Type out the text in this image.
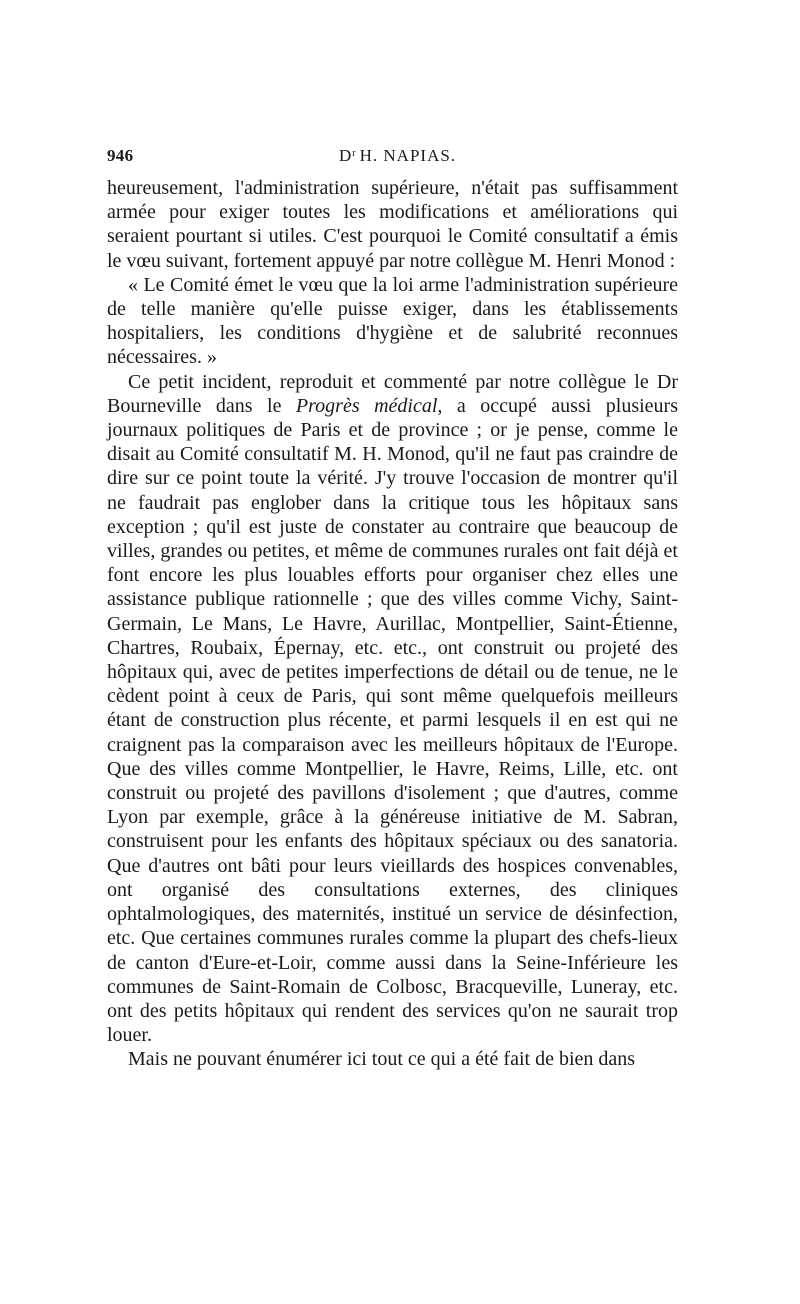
946	$D^r$ H. NAPIAS.

heureusement, l'administration supérieure, n'était pas suffisamment armée pour exiger toutes les modifications et améliorations qui seraient pourtant si utiles. C'est pourquoi le Comité consultatif a émis le vœu suivant, fortement appuyé par notre collègue M. Henri Monod :

« Le Comité émet le vœu que la loi arme l'administration supérieure de telle manière qu'elle puisse exiger, dans les établissements hospitaliers, les conditions d'hygiène et de salubrité reconnues nécessaires. »

Ce petit incident, reproduit et commenté par notre collègue le Dr Bourneville dans le Progrès médical, a occupé aussi plusieurs journaux politiques de Paris et de province ; or je pense, comme le disait au Comité consultatif M. H. Monod, qu'il ne faut pas craindre de dire sur ce point toute la vérité. J'y trouve l'occasion de montrer qu'il ne faudrait pas englober dans la critique tous les hôpitaux sans exception ; qu'il est juste de constater au contraire que beaucoup de villes, grandes ou petites, et même de communes rurales ont fait déjà et font encore les plus louables efforts pour organiser chez elles une assistance publique rationnelle ; que des villes comme Vichy, Saint-Germain, Le Mans, Le Havre, Aurillac, Montpellier, Saint-Étienne, Chartres, Roubaix, Épernay, etc. etc., ont construit ou projeté des hôpitaux qui, avec de petites imperfections de détail ou de tenue, ne le cèdent point à ceux de Paris, qui sont même quelquefois meilleurs étant de construction plus récente, et parmi lesquels il en est qui ne craignent pas la comparaison avec les meilleurs hôpitaux de l'Europe. Que des villes comme Montpellier, le Havre, Reims, Lille, etc. ont construit ou projeté des pavillons d'isolement ; que d'autres, comme Lyon par exemple, grâce à la généreuse initiative de M. Sabran, construisent pour les enfants des hôpitaux spéciaux ou des sanatoria. Que d'autres ont bâti pour leurs vieillards des hospices convenables, ont organisé des consultations externes, des cliniques ophtalmologiques, des maternités, institué un service de désinfection, etc. Que certaines communes rurales comme la plupart des chefs-lieux de canton d'Eure-et-Loir, comme aussi dans la Seine-Inférieure les communes de Saint-Romain de Colbosc, Bracqueville, Luneray, etc. ont des petits hôpitaux qui rendent des services qu'on ne saurait trop louer.

Mais ne pouvant énumérer ici tout ce qui a été fait de bien dans
